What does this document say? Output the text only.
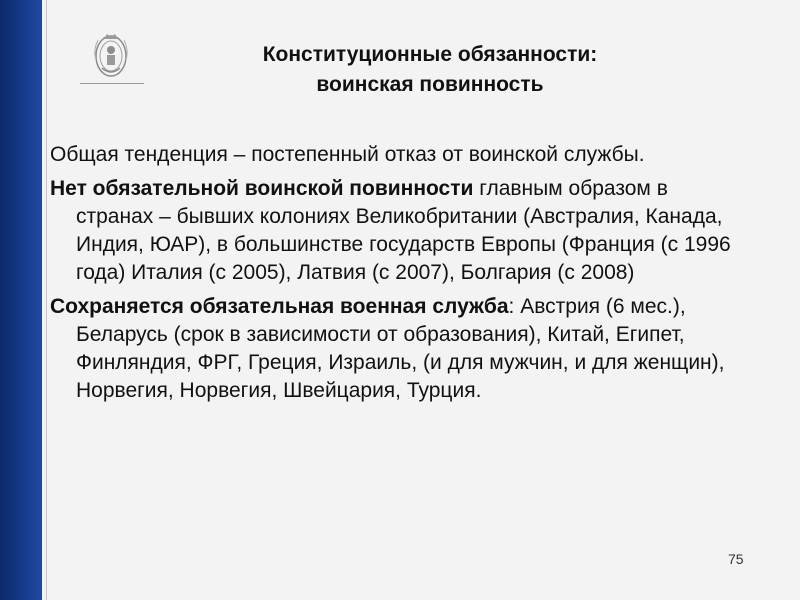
Конституционные обязанности:
воинская повинность

Общая тенденция – постепенный отказ от воинской службы.

Нет обязательной воинской повинности главным образом в странах – бывших колониях Великобритании (Австралия, Канада, Индия, ЮАР), в большинстве государств Европы (Франция (с 1996 года) Италия (с 2005), Латвия (с 2007), Болгария (с 2008)

Сохраняется обязательная военная служба: Австрия (6 мес.), Беларусь (срок в зависимости от образования), Китай, Египет, Финляндия, ФРГ, Греция, Израиль, (и для мужчин, и для женщин), Норвегия, Норвегия, Швейцария, Турция.

75
